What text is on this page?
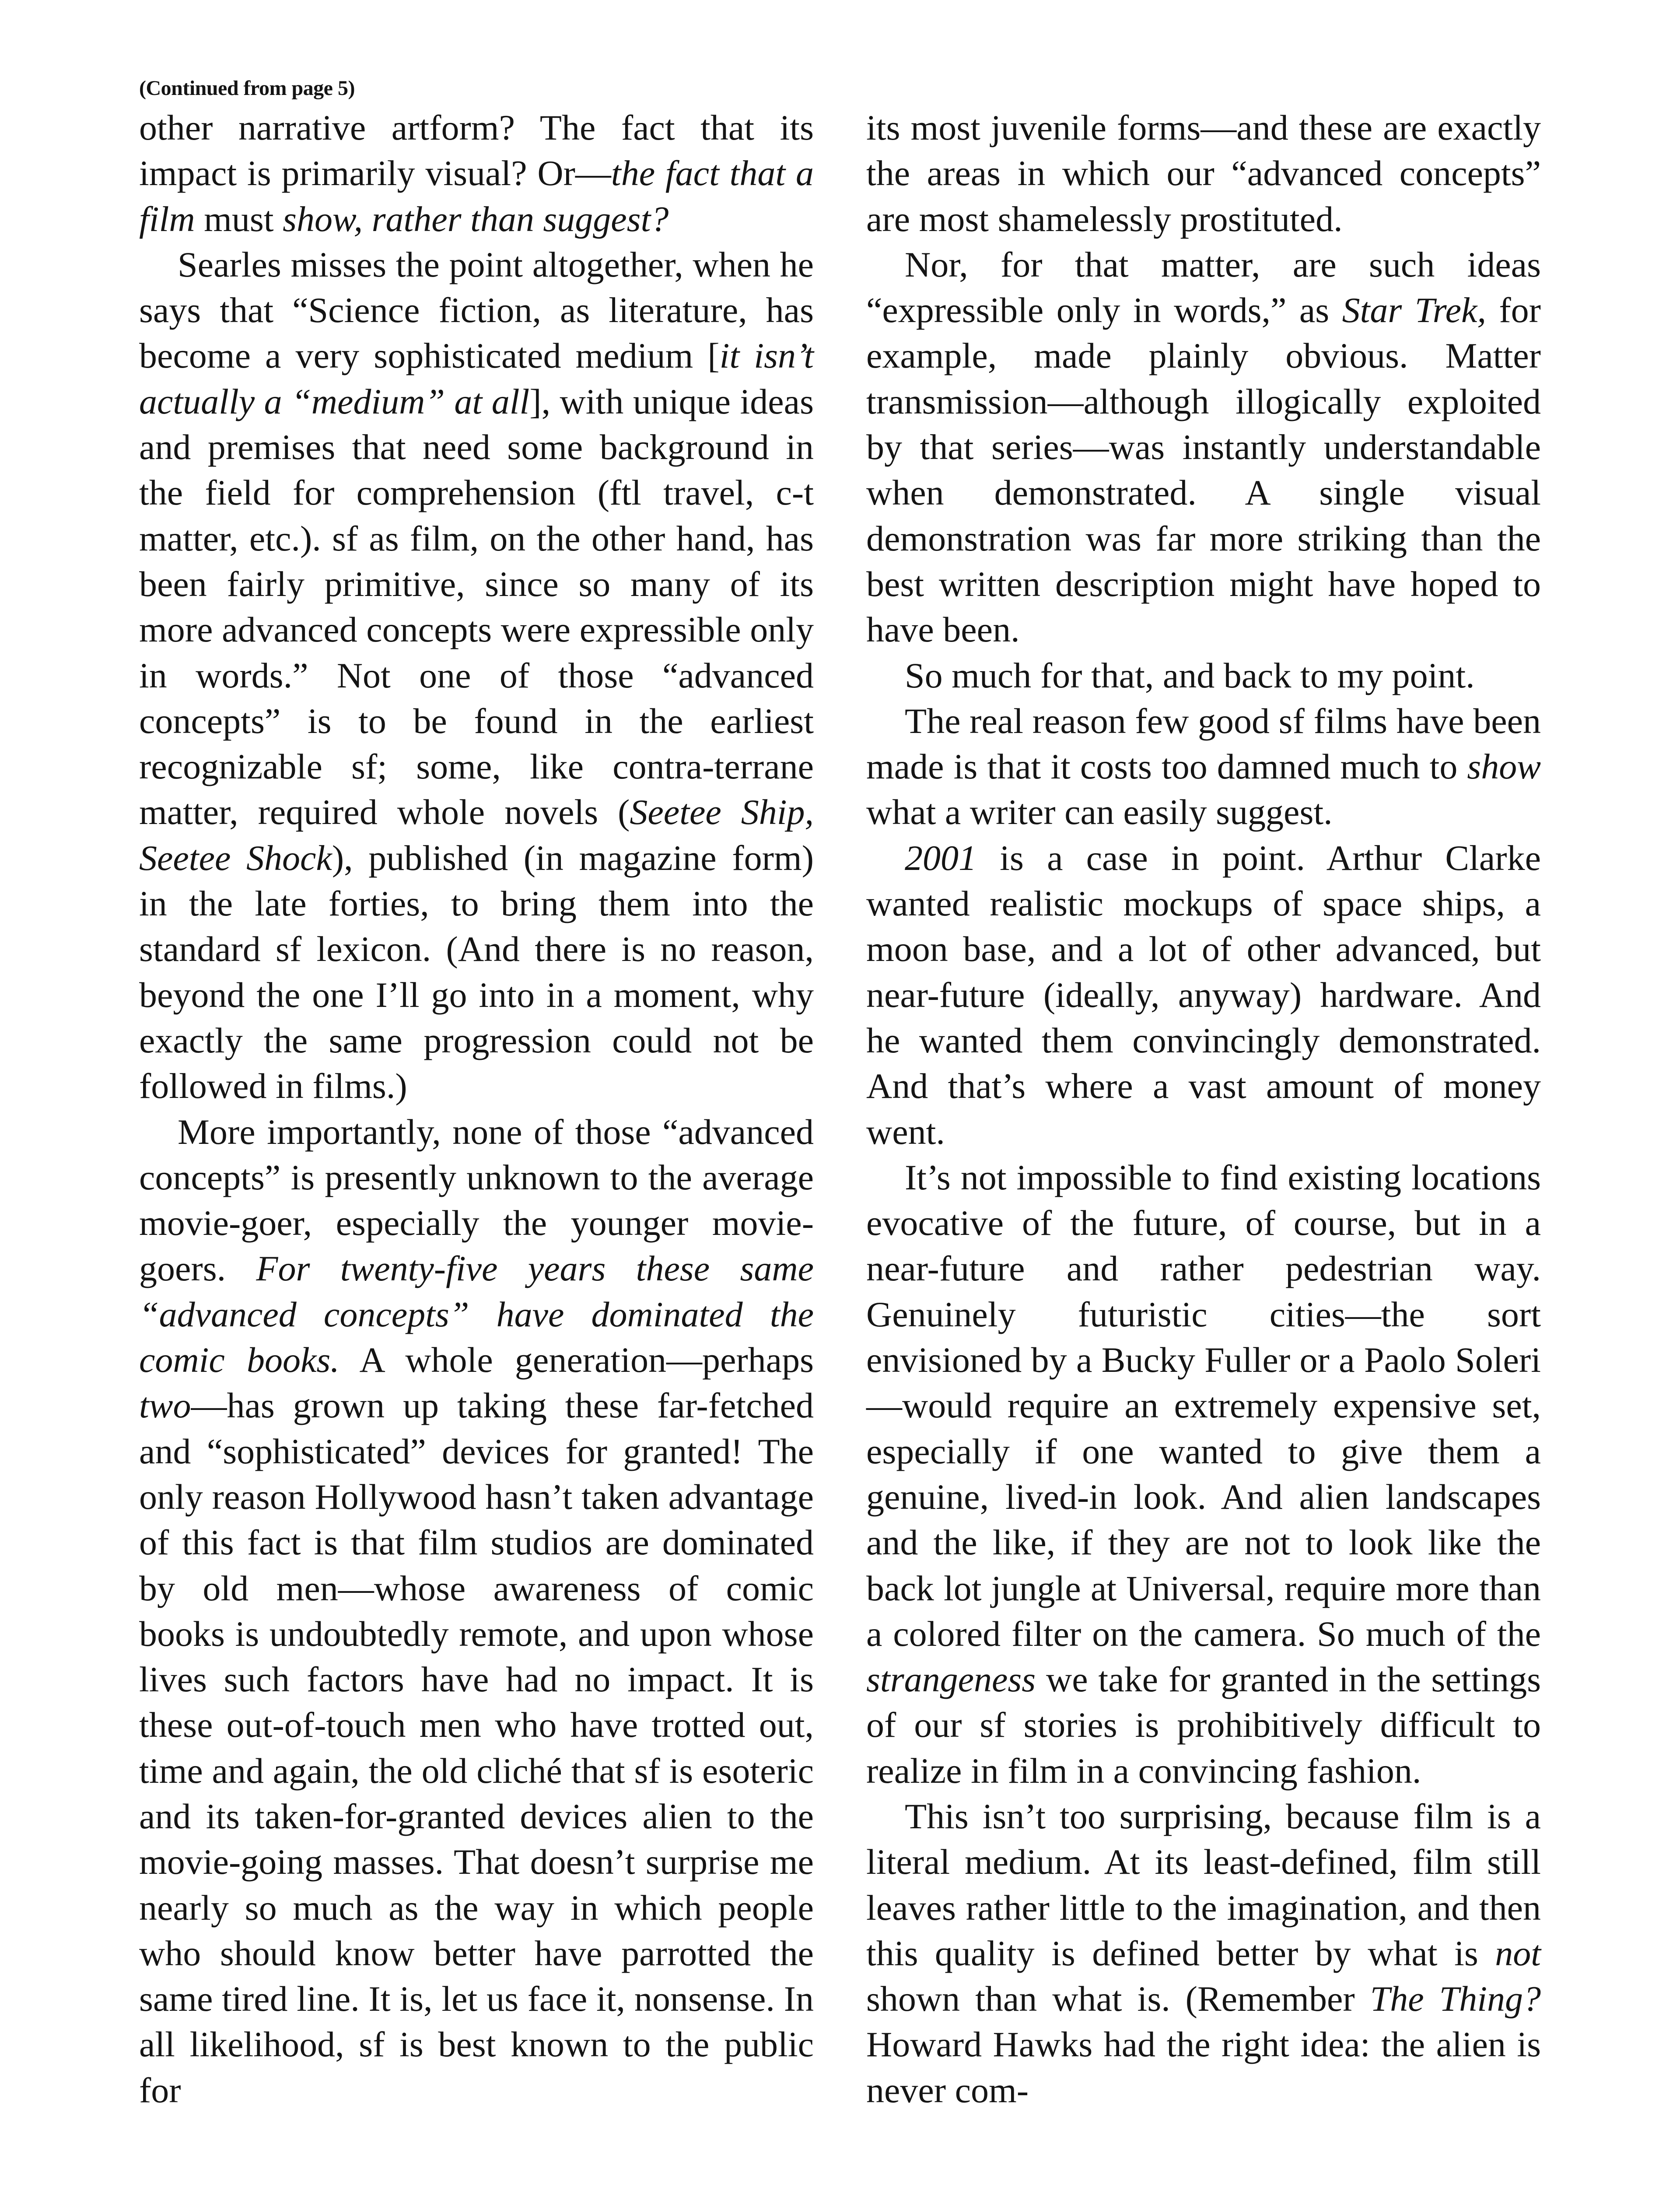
(Continued from page 5)

other narrative artform? The fact that its impact is primarily visual? Or—the fact that a film must show, rather than suggest?

Searles misses the point altogether, when he says that “Science fiction, as literature, has become a very sophisticated medium [it isn’t actually a “medium” at all], with unique ideas and premises that need some background in the field for comprehension (ftl travel, c-t matter, etc.). sf as film, on the other hand, has been fairly primitive, since so many of its more advanced concepts were expressible only in words.” Not one of those “advanced concepts” is to be found in the earliest recognizable sf; some, like contra-terrane matter, required whole novels (Seetee Ship, Seetee Shock), published (in magazine form) in the late forties, to bring them into the standard sf lexicon. (And there is no reason, beyond the one I’ll go into in a moment, why exactly the same progression could not be followed in films.)

More importantly, none of those “advanced concepts” is presently unknown to the average movie-goer, especially the younger movie-goers. For twenty-five years these same “advanced concepts” have dominated the comic books. A whole generation—perhaps two—has grown up taking these far-fetched and “sophisticated” devices for granted! The only reason Hollywood hasn’t taken advantage of this fact is that film studios are dominated by old men—whose awareness of comic books is undoubtedly remote, and upon whose lives such factors have had no impact. It is these out-of-touch men who have trotted out, time and again, the old cliché that sf is esoteric and its taken-for-granted devices alien to the movie-going masses. That doesn’t surprise me nearly so much as the way in which people who should know better have parrotted the same tired line. It is, let us face it, nonsense. In all likelihood, sf is best known to the public for

its most juvenile forms—and these are exactly the areas in which our “advanced concepts” are most shamelessly prostituted.

Nor, for that matter, are such ideas “expressible only in words,” as Star Trek, for example, made plainly obvious. Matter transmission—although illogically exploited by that series—was instantly understandable when demonstrated. A single visual demonstration was far more striking than the best written description might have hoped to have been.

So much for that, and back to my point.

The real reason few good sf films have been made is that it costs too damned much to show what a writer can easily suggest.

2001 is a case in point. Arthur Clarke wanted realistic mockups of space ships, a moon base, and a lot of other advanced, but near-future (ideally, anyway) hardware. And he wanted them convincingly demonstrated. And that’s where a vast amount of money went.

It’s not impossible to find existing locations evocative of the future, of course, but in a near-future and rather pedestrian way. Genuinely futuristic cities—the sort envisioned by a Bucky Fuller or a Paolo Soleri—would require an extremely expensive set, especially if one wanted to give them a genuine, lived-in look. And alien landscapes and the like, if they are not to look like the back lot jungle at Universal, require more than a colored filter on the camera. So much of the strangeness we take for granted in the settings of our sf stories is prohibitively difficult to realize in film in a convincing fashion.

This isn’t too surprising, because film is a literal medium. At its least-defined, film still leaves rather little to the imagination, and then this quality is defined better by what is not shown than what is. (Remember The Thing? Howard Hawks had the right idea: the alien is never com-
